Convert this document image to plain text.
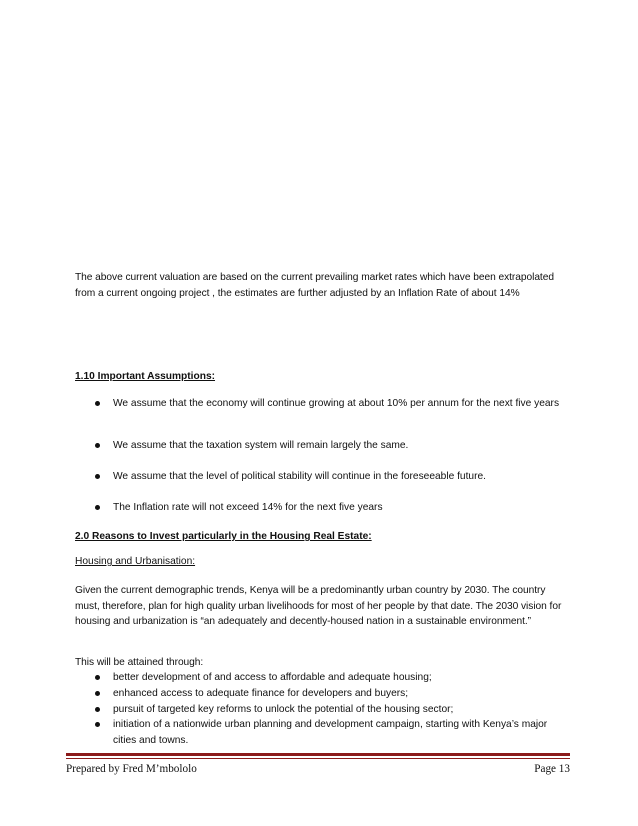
The above current valuation are based on the current prevailing market rates which have been extrapolated from a current ongoing project , the estimates are further adjusted by an Inflation Rate of about 14%

1.10 Important Assumptions:

We assume that the economy will continue growing at about 10% per annum for the next five years
We assume that the taxation system will remain largely the same.
We assume that the level of political stability will continue in the foreseeable future.
The Inflation rate will not exceed 14% for the next five years

2.0 Reasons to Invest particularly in the Housing Real Estate:

Housing and Urbanisation:

Given the current demographic trends, Kenya will be a predominantly urban country by 2030. The country must, therefore, plan for high quality urban livelihoods for most of her people by that date. The 2030 vision for housing and urbanization is “an adequately and decently-housed nation in a sustainable environment.”

This will be attained through:

better development of and access to affordable and adequate housing;
enhanced access to adequate finance for developers and buyers;
pursuit of targeted key reforms to unlock the potential of the housing sector;
initiation of a nationwide urban planning and development campaign, starting with Kenya’s major cities and towns.
Prepared by Fred M’mbololo	Page 13
